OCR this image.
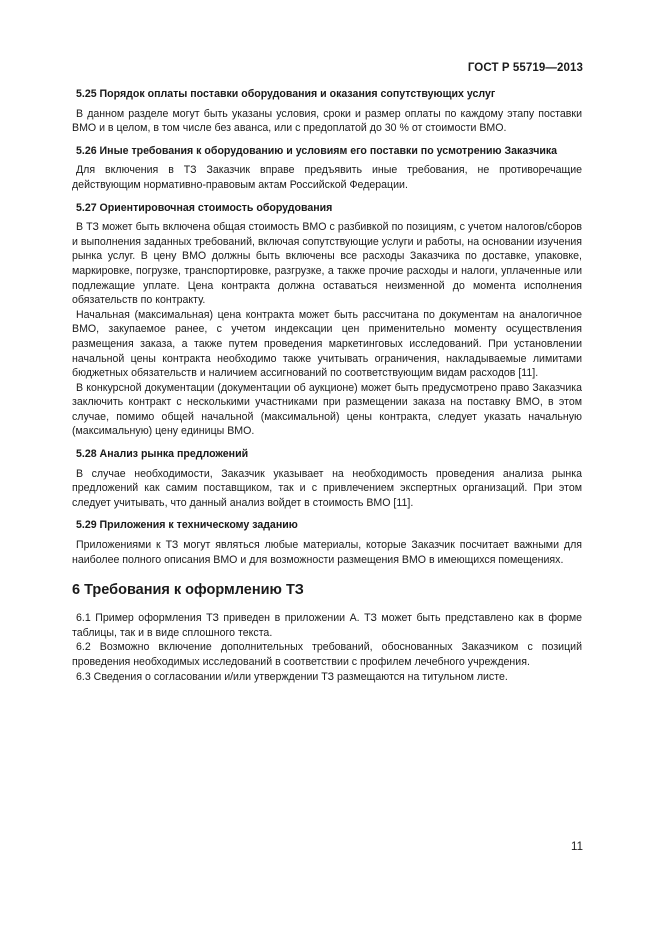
ГОСТ Р 55719—2013

5.25 Порядок оплаты поставки оборудования и оказания сопутствующих услуг

В данном разделе могут быть указаны условия, сроки и размер оплаты по каждому этапу поставки ВМО и в целом, в том числе без аванса, или с предоплатой до 30 % от стоимости ВМО.

5.26 Иные требования к оборудованию и условиям его поставки по усмотрению Заказчика

Для включения в ТЗ Заказчик вправе предъявить иные требования, не противоречащие действующим нормативно-правовым актам Российской Федерации.

5.27 Ориентировочная стоимость оборудования

В ТЗ может быть включена общая стоимость ВМО с разбивкой по позициям, с учетом налогов/сборов и выполнения заданных требований, включая сопутствующие услуги и работы, на основании изучения рынка услуг. В цену ВМО должны быть включены все расходы Заказчика по доставке, упаковке, маркировке, погрузке, транспортировке, разгрузке, а также прочие расходы и налоги, уплаченные или подлежащие уплате. Цена контракта должна оставаться неизменной до момента исполнения обязательств по контракту.

Начальная (максимальная) цена контракта может быть рассчитана по документам на аналогичное ВМО, закупаемое ранее, с учетом индексации цен применительно моменту осуществления размещения заказа, а также путем проведения маркетинговых исследований. При установлении начальной цены контракта необходимо также учитывать ограничения, накладываемые лимитами бюджетных обязательств и наличием ассигнований по соответствующим видам расходов [11].

В конкурсной документации (документации об аукционе) может быть предусмотрено право Заказчика заключить контракт с несколькими участниками при размещении заказа на поставку ВМО, в этом случае, помимо общей начальной (максимальной) цены контракта, следует указать начальную (максимальную) цену единицы ВМО.

5.28 Анализ рынка предложений

В случае необходимости, Заказчик указывает на необходимость проведения анализа рынка предложений как самим поставщиком, так и с привлечением экспертных организаций. При этом следует учитывать, что данный анализ войдет в стоимость ВМО [11].

5.29 Приложения к техническому заданию

Приложениями к ТЗ могут являться любые материалы, которые Заказчик посчитает важными для наиболее полного описания ВМО и для возможности размещения ВМО в имеющихся помещениях.

6 Требования к оформлению ТЗ

6.1 Пример оформления ТЗ приведен в приложении А. ТЗ может быть представлено как в форме таблицы, так и в виде сплошного текста.

6.2 Возможно включение дополнительных требований, обоснованных Заказчиком с позиций проведения необходимых исследований в соответствии с профилем лечебного учреждения.

6.3 Сведения о согласовании и/или утверждении ТЗ размещаются на титульном листе.

11
